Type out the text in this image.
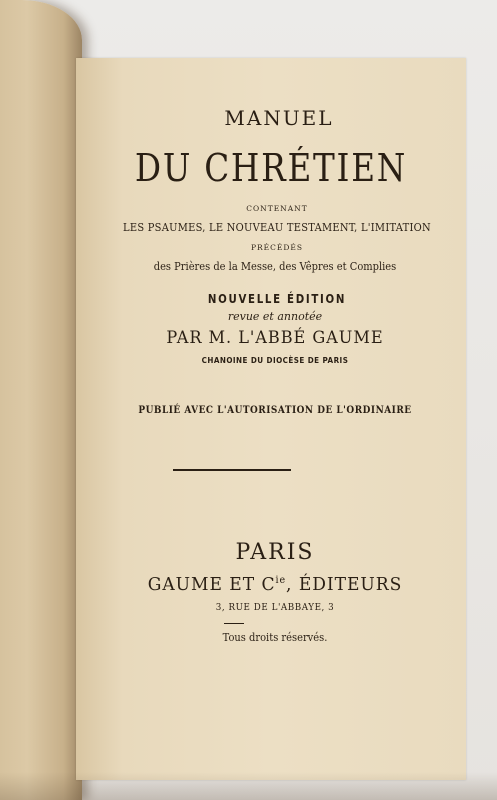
MANUEL
DU CHRÉTIEN
CONTENANT
LES PSAUMES, LE NOUVEAU TESTAMENT, L'IMITATION
PRÉCÉDÉS
des Prières de la Messe, des Vêpres et Complies
NOUVELLE ÉDITION
revue et annotée
PAR M. L'ABBÉ GAUME
CHANOINE DU DIOCÈSE DE PARIS
PUBLIÉ AVEC L'AUTORISATION DE L'ORDINAIRE
PARIS
GAUME ET $C^{ie}$, ÉDITEURS
3, RUE DE L'ABBAYE, 3
Tous droits réservés.
